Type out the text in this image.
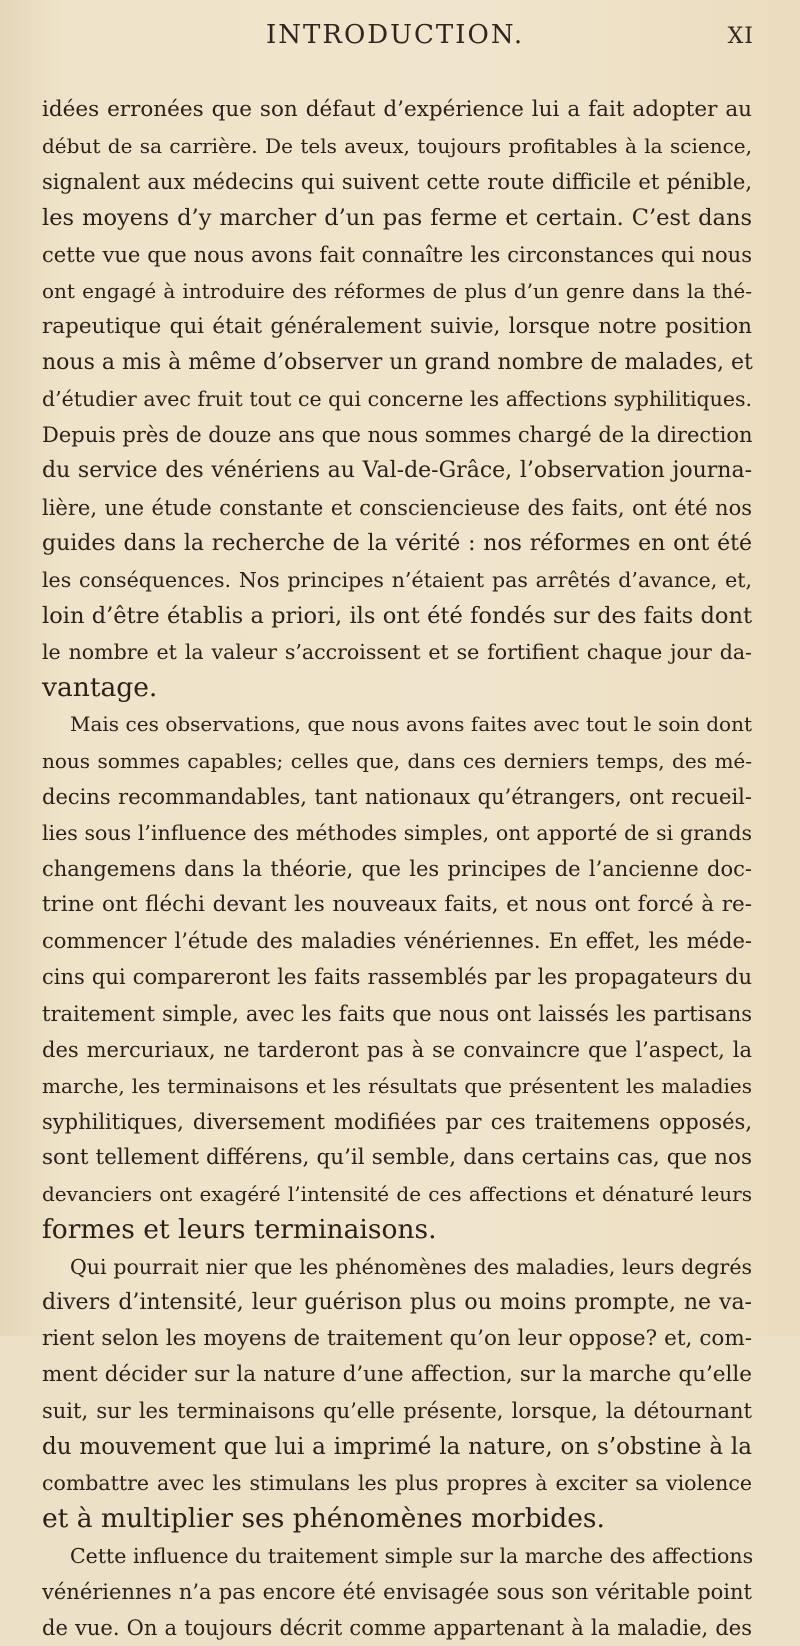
INTRODUCTION.	XI
idées erronées que son défaut d’expérience lui a fait adopter au
début de sa carrière. De tels aveux, toujours profitables à la science,
signalent aux médecins qui suivent cette route difficile et pénible,
les moyens d’y marcher d’un pas ferme et certain. C’est dans
cette vue que nous avons fait connaître les circonstances qui nous
ont engagé à introduire des réformes de plus d’un genre dans la thé-
rapeutique qui était généralement suivie, lorsque notre position
nous a mis à même d’observer un grand nombre de malades, et
d’étudier avec fruit tout ce qui concerne les affections syphilitiques.
Depuis près de douze ans que nous sommes chargé de la direction
du service des vénériens au Val-de-Grâce, l’observation journa-
lière, une étude constante et consciencieuse des faits, ont été nos
guides dans la recherche de la vérité : nos réformes en ont été
les conséquences. Nos principes n’étaient pas arrêtés d’avance, et,
loin d’être établis a priori, ils ont été fondés sur des faits dont
le nombre et la valeur s’accroissent et se fortifient chaque jour da-
vantage.
Mais ces observations, que nous avons faites avec tout le soin dont
nous sommes capables; celles que, dans ces derniers temps, des mé-
decins recommandables, tant nationaux qu’étrangers, ont recueil-
lies sous l’influence des méthodes simples, ont apporté de si grands
changemens dans la théorie, que les principes de l’ancienne doc-
trine ont fléchi devant les nouveaux faits, et nous ont forcé à re-
commencer l’étude des maladies vénériennes. En effet, les méde-
cins qui compareront les faits rassemblés par les propagateurs du
traitement simple, avec les faits que nous ont laissés les partisans
des mercuriaux, ne tarderont pas à se convaincre que l’aspect, la
marche, les terminaisons et les résultats que présentent les maladies
syphilitiques, diversement modifiées par ces traitemens opposés,
sont tellement différens, qu’il semble, dans certains cas, que nos
devanciers ont exagéré l’intensité de ces affections et dénaturé leurs
formes et leurs terminaisons.
Qui pourrait nier que les phénomènes des maladies, leurs degrés
divers d’intensité, leur guérison plus ou moins prompte, ne va-
rient selon les moyens de traitement qu’on leur oppose? et, com-
ment décider sur la nature d’une affection, sur la marche qu’elle
suit, sur les terminaisons qu’elle présente, lorsque, la détournant
du mouvement que lui a imprimé la nature, on s’obstine à la
combattre avec les stimulans les plus propres à exciter sa violence
et à multiplier ses phénomènes morbides.
Cette influence du traitement simple sur la marche des affections
vénériennes n’a pas encore été envisagée sous son véritable point
de vue. On a toujours décrit comme appartenant à la maladie, des
